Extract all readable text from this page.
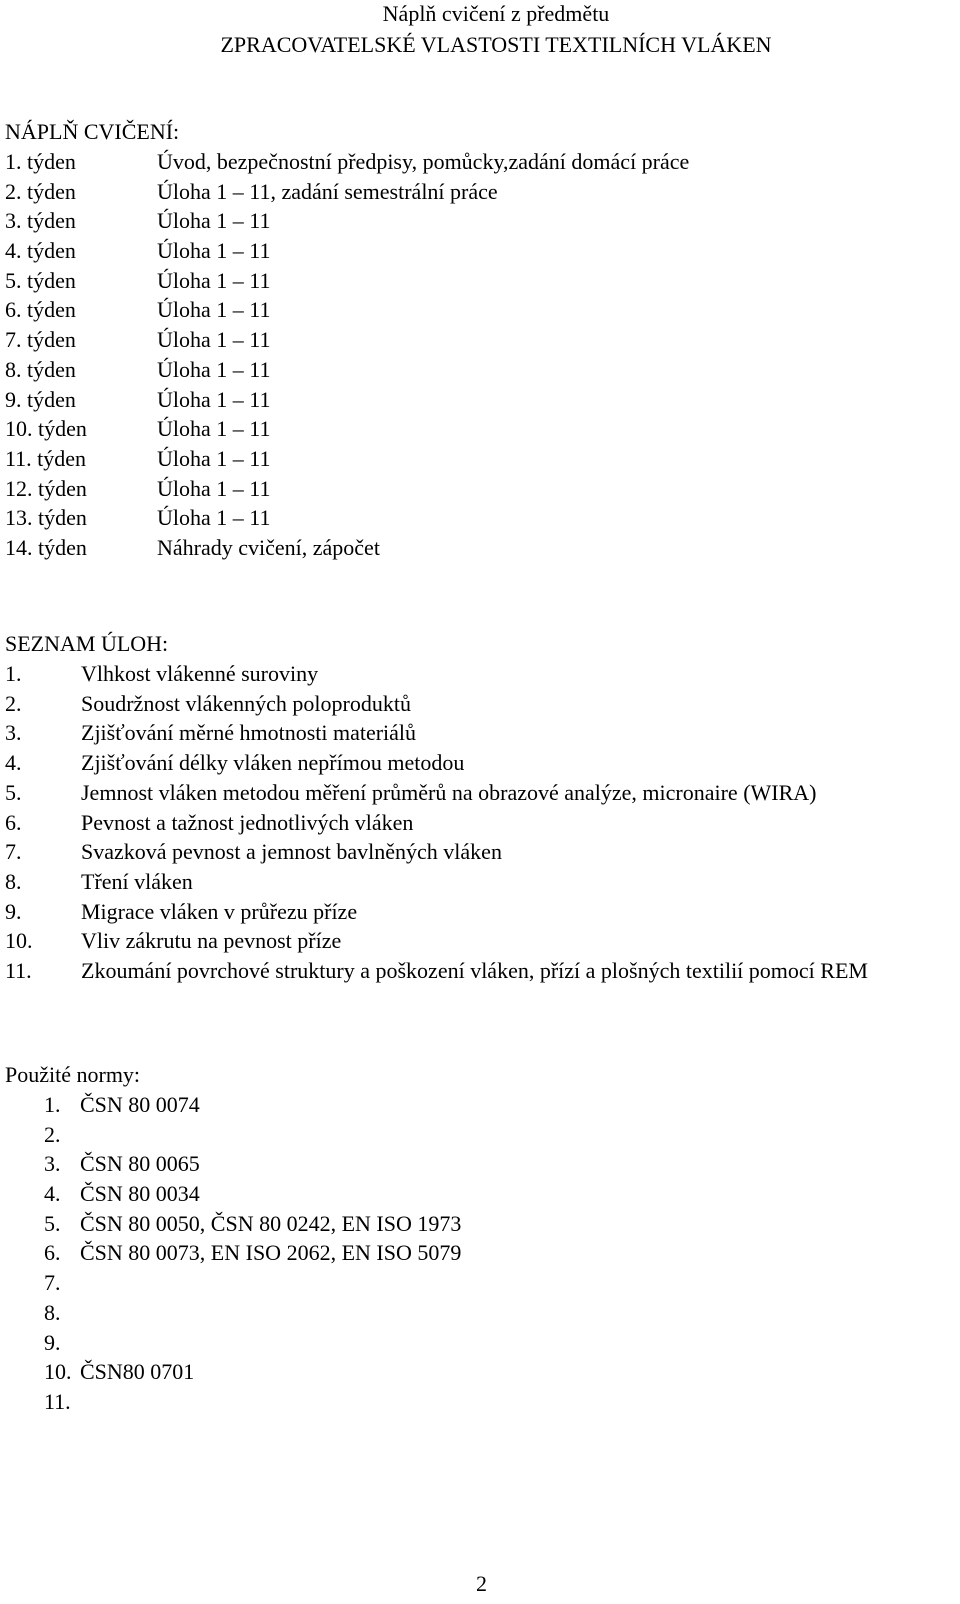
Náplň cvičení z předmětu
ZPRACOVATELSKÉ VLASTOSTI TEXTILNÍCH VLÁKEN
NÁPLŇ CVIČENÍ:
1. týden	Úvod, bezpečnostní předpisy, pomůcky,zadání domácí práce
2. týden	Úloha 1 – 11, zadání semestrální práce
3. týden	Úloha 1 – 11
4. týden	Úloha 1 – 11
5. týden	Úloha 1 – 11
6. týden	Úloha 1 – 11
7. týden	Úloha 1 – 11
8. týden	Úloha 1 – 11
9. týden	Úloha 1 – 11
10. týden	Úloha 1 – 11
11. týden	Úloha 1 – 11
12. týden	Úloha 1 – 11
13. týden	Úloha 1 – 11
14. týden	Náhrady cvičení, zápočet
SEZNAM ÚLOH:
1.	Vlhkost vlákenné suroviny
2.	Soudržnost vlákenných poloproduktů
3.	Zjišťování měrné hmotnosti materiálů
4.	Zjišťování délky vláken nepřímou metodou
5.	Jemnost vláken metodou měření průměrů na obrazové analýze, micronaire (WIRA)
6.	Pevnost a tažnost jednotlivých vláken
7.	Svazková pevnost a jemnost bavlněných vláken
8.	Tření vláken
9.	Migrace vláken v průřezu příze
10. Vliv zákrutu na pevnost příze
11. Zkoumání povrchové struktury a poškození vláken, přízí a plošných textilií pomocí REM
Použité normy:
1. ČSN 80 0074
2.
3. ČSN 80 0065
4. ČSN 80 0034
5. ČSN 80 0050, ČSN 80 0242, EN ISO 1973
6. ČSN 80 0073, EN ISO 2062, EN ISO 5079
7.
8.
9.
10. ČSN80 0701
11.
2
